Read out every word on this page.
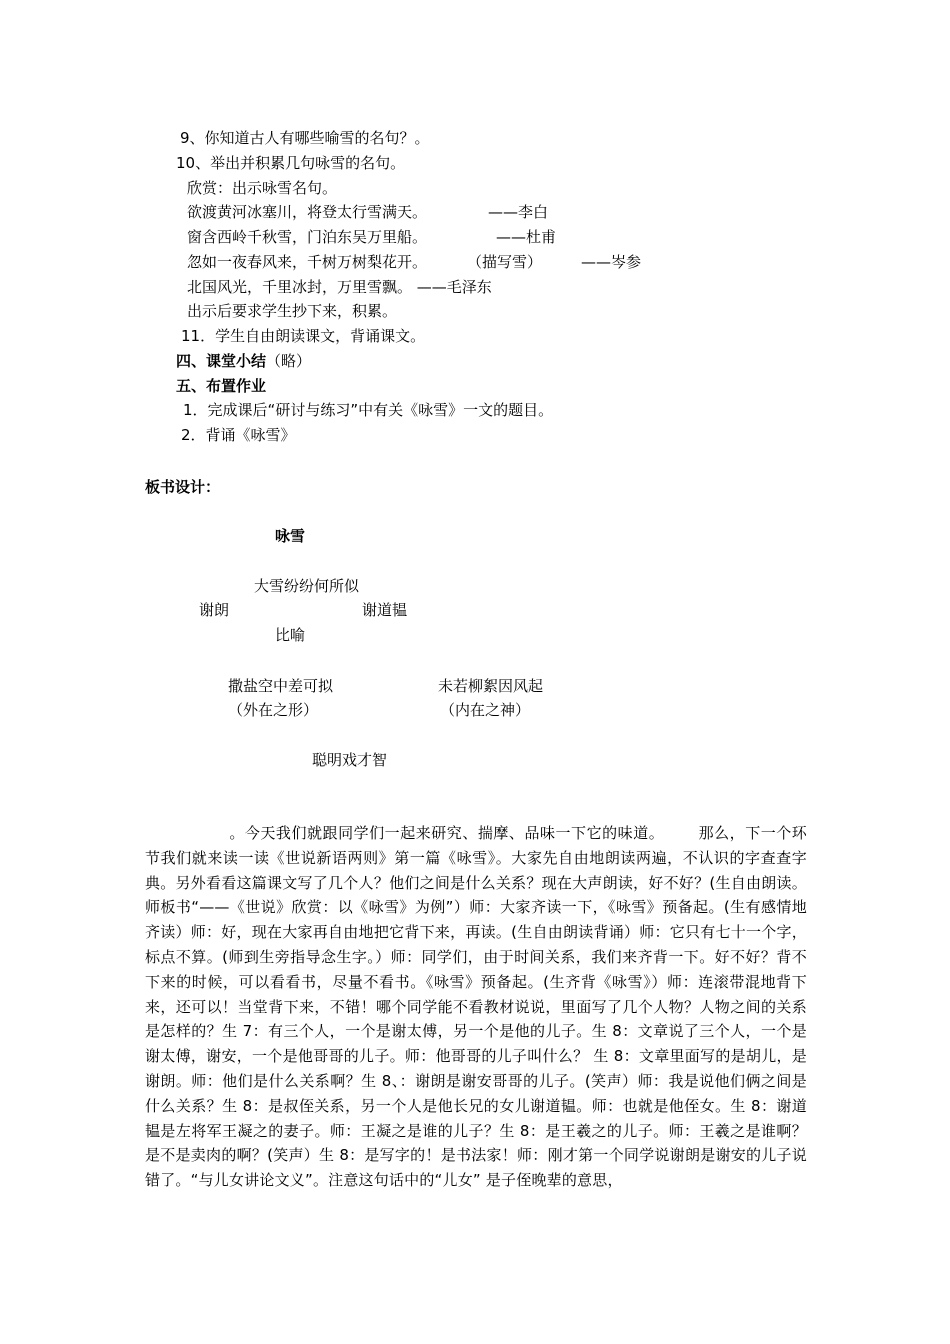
9、你知道古人有哪些喻雪的名句？。
10、举出并积累几句咏雪的名句。
欣赏：出示咏雪名句。
欲渡黄河冰塞川，将登太行雪满天。	——李白
窗含西岭千秋雪，门泊东吴万里船。	——杜甫
忽如一夜春风来，千树万树梨花开。	（描写雪）	——岑参
北国风光，千里冰封，万里雪飘。 ——毛泽东
出示后要求学生抄下来，积累。
11．学生自由朗读课文，背诵课文。
四、课堂小结（略）
五、布置作业
1．完成课后“研讨与练习”中有关《咏雪》一文的题目。
2．背诵《咏雪》
板书设计：
咏雪
大雪纷纷何所似
谢朗	谢道韫
比喻
撒盐空中差可拟	未若柳絮因风起
（外在之形）	（内在之神）
聪明戏才智
。今天我们就跟同学们一起来研究、揣摩、品味一下它的味道。 那么，下一个环节我们就来读一读《世说新语两则》第一篇《咏雪》。大家先自由地朗读两遍，不认识的字查查字典。另外看看这篇课文写了几个人？他们之间是什么关系？现在大声朗读，好不好？(生自由朗读。师板书“——《世说》欣赏：以《咏雪》为例”）师：大家齐读一下，《咏雪》预备起。(生有感情地齐读）师：好，现在大家再自由地把它背下来，再读。(生自由朗读背诵）师：它只有七十一个字，标点不算。(师到生旁指导念生字。）师：同学们，由于时间关系，我们来齐背一下。好不好？背不下来的时候，可以看看书，尽量不看书。《咏雪》预备起。(生齐背《咏雪》）师：连滚带混地背下来，还可以！当堂背下来，不错！哪个同学能不看教材说说，里面写了几个人物？人物之间的关系是怎样的？生 7：有三个人，一个是谢太傅，另一个是他的儿子。生 8：文章说了三个人，一个是谢太傅，谢安，一个是他哥哥的儿子。师：他哥哥的儿子叫什么？ 生 8：文章里面写的是胡儿，是谢朗。师：他们是什么关系啊？生 8、：谢朗是谢安哥哥的儿子。(笑声）师：我是说他们俩之间是什么关系？生 8：是叔侄关系，另一个人是他长兄的女儿谢道韫。师：也就是他侄女。生 8：谢道韫是左将军王凝之的妻子。师：王凝之是谁的儿子？生 8：是王羲之的儿子。师：王羲之是谁啊？是不是卖肉的啊？(笑声）生 8：是写字的！是书法家！师：刚才第一个同学说谢朗是谢安的儿子说错了。“与儿女讲论文义”。注意这句话中的“儿女” 是子侄晚辈的意思，
